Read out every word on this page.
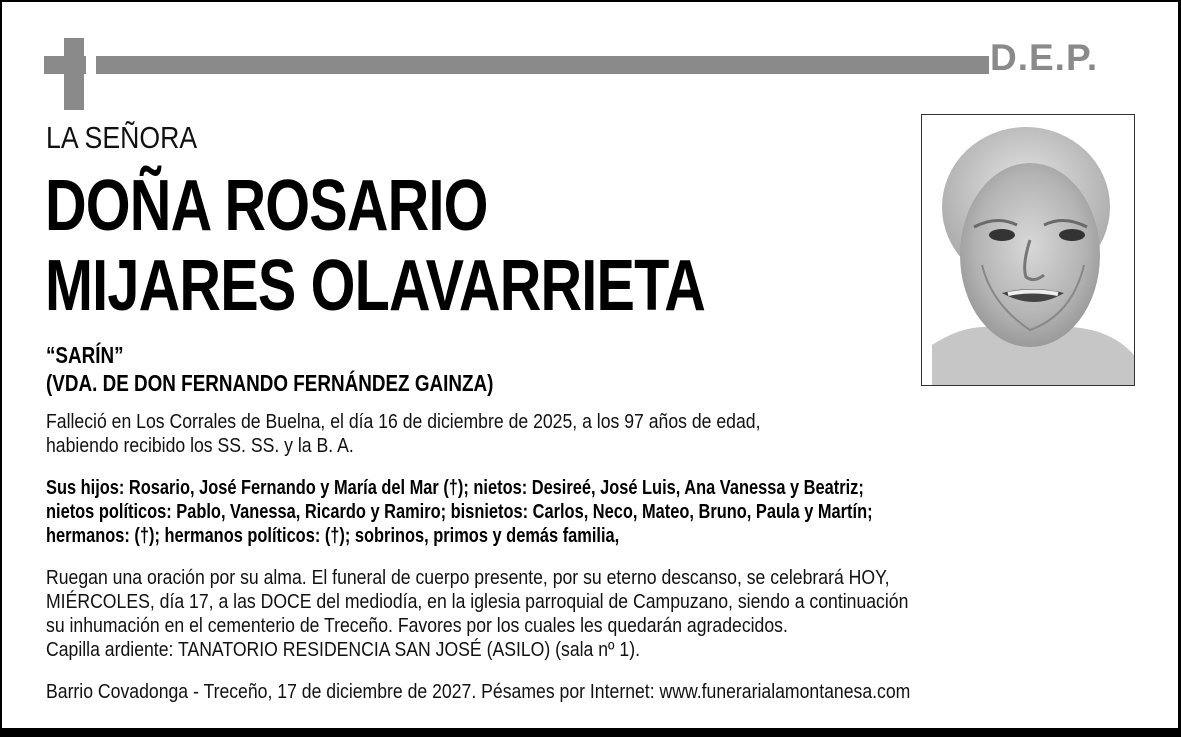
D.E.P.
LA SEÑORA
DOÑA ROSARIO
MIJARES OLAVARRIETA
“SARÍN”
(VDA. DE DON FERNANDO FERNÁNDEZ GAINZA)
Falleció en Los Corrales de Buelna, el día 16 de diciembre de 2025, a los 97 años de edad,
habiendo recibido los SS. SS. y la B. A.
Sus hijos: Rosario, José Fernando y María del Mar (†); nietos: Desireé, José Luis, Ana Vanessa y Beatriz;
nietos políticos: Pablo, Vanessa, Ricardo y Ramiro; bisnietos: Carlos, Neco, Mateo, Bruno, Paula y Martín;
hermanos: (†); hermanos políticos: (†); sobrinos, primos y demás familia,
Ruegan una oración por su alma. El funeral de cuerpo presente, por su eterno descanso, se celebrará HOY,
MIÉRCOLES, día 17, a las DOCE del mediodía, en la iglesia parroquial de Campuzano, siendo a continuación
su inhumación en el cementerio de Treceño. Favores por los cuales les quedarán agradecidos.
Capilla ardiente: TANATORIO RESIDENCIA SAN JOSÉ (ASILO) (sala nº 1).
Barrio Covadonga - Treceño, 17 de diciembre de 2027. Pésames por Internet: www.funerarialamontanesa.com
